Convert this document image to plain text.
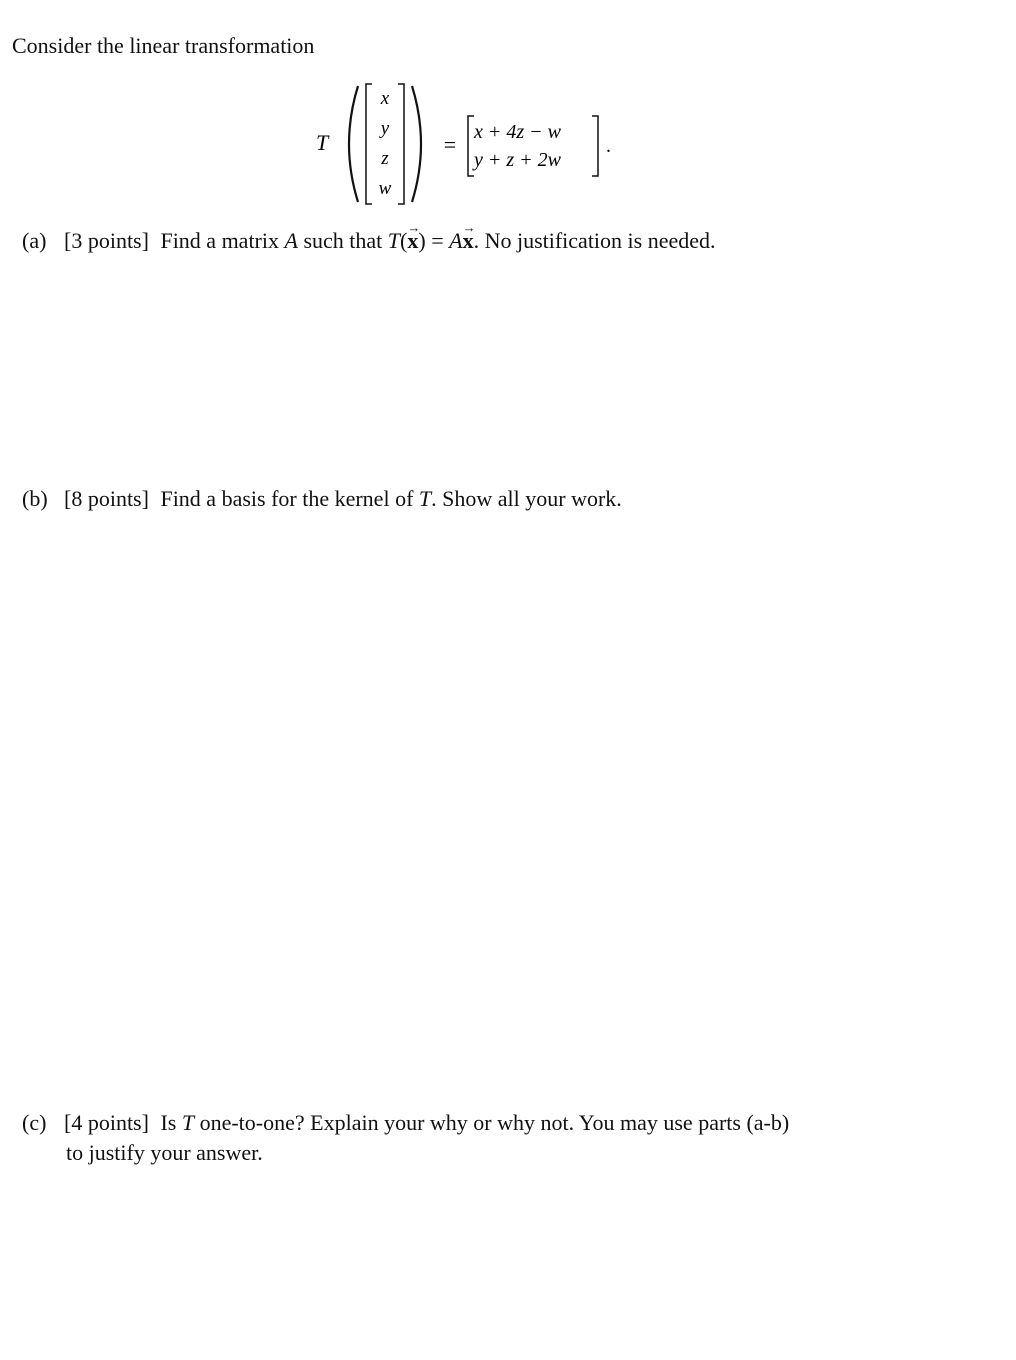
Consider the linear transformation
T
x
y
z
w
= x + 4z − w
y + z + 2w
.
(a) [3 points] Find a matrix A such that T(x →) = Ax →. No justification is needed.
(b) [8 points] Find a basis for the kernel of T. Show all your work.
(c) [4 points] Is T one-to-one? Explain your why or why not. You may use parts (a-b)
to justify your answer.
